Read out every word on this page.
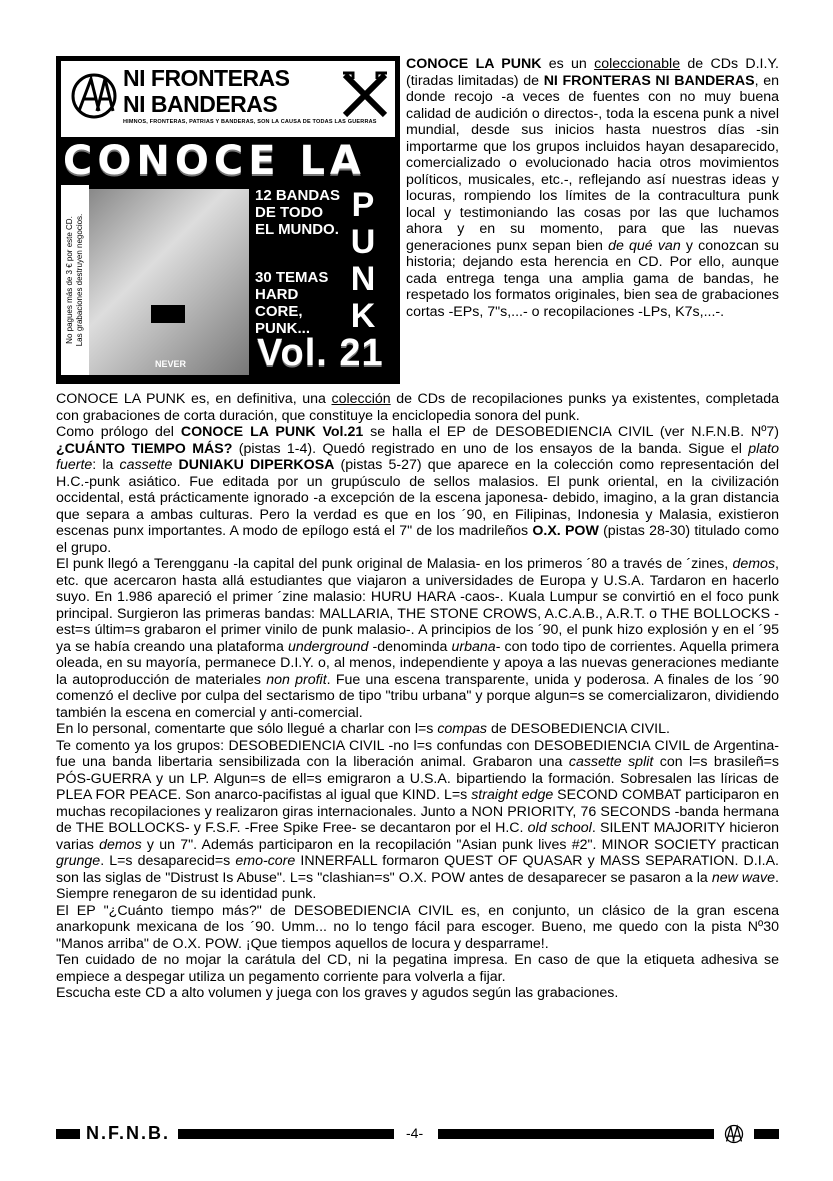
NI FRONTERAS
NI BANDERAS
HIMNOS, FRONTERAS, PATRIAS Y BANDERAS, SON LA CAUSA DE TODAS LAS GUERRAS
CONOCE LA
No pagues más de 3 € por este CD. Las grabaciones destruyen negocios.
NEVER
12 BANDAS DE TODO EL MUNDO.
30 TEMAS HARD CORE, PUNK...
P
U
N
K
Vol. 21

CONOCE LA PUNK es un coleccionable de CDs D.I.Y. (tiradas limitadas) de NI FRONTERAS NI BANDERAS, en donde recojo -a veces de fuentes con no muy buena calidad de audición o directos-, toda la escena punk a nivel mundial, desde sus inicios hasta nuestros días -sin importarme que los grupos incluidos hayan desaparecido, comercializado o evolucionado hacia otros movimientos políticos, musicales, etc.-, reflejando así nuestras ideas y locuras, rompiendo los límites de la contracultura punk local y testimoniando las cosas por las que luchamos ahora y en su momento, para que las nuevas generaciones punx sepan bien de qué van y conozcan su historia; dejando esta herencia en CD. Por ello, aunque cada entrega tenga una amplia gama de bandas, he respetado los formatos originales, bien sea de grabaciones cortas -EPs, 7"s,...- o recopilaciones -LPs, K7s,...-.

CONOCE LA PUNK es, en definitiva, una colección de CDs de recopilaciones punks ya existentes, completada con grabaciones de corta duración, que constituye la enciclopedia sonora del punk.

Como prólogo del CONOCE LA PUNK Vol.21 se halla el EP de DESOBEDIENCIA CIVIL (ver N.F.N.B. Nº7) ¿CUÁNTO TIEMPO MÁS? (pistas 1-4). Quedó registrado en uno de los ensayos de la banda. Sigue el plato fuerte: la cassette DUNIAKU DIPERKOSA (pistas 5-27) que aparece en la colección como representación del H.C.-punk asiático. Fue editada por un grupúsculo de sellos malasios. El punk oriental, en la civilización occidental, está prácticamente ignorado -a excepción de la escena japonesa- debido, imagino, a la gran distancia que separa a ambas culturas. Pero la verdad es que en los ´90, en Filipinas, Indonesia y Malasia, existieron escenas punx importantes. A modo de epílogo está el 7" de los madrileños O.X. POW (pistas 28-30) titulado como el grupo.

El punk llegó a Terengganu -la capital del punk original de Malasia- en los primeros ´80 a través de ´zines, demos, etc. que acercaron hasta allá estudiantes que viajaron a universidades de Europa y U.S.A. Tardaron en hacerlo suyo. En 1.986 apareció el primer ´zine malasio: HURU HARA -caos-. Kuala Lumpur se convirtió en el foco punk principal. Surgieron las primeras bandas: MALLARIA, THE STONE CROWS, A.C.A.B., A.R.T. o THE BOLLOCKS -est=s últim=s grabaron el primer vinilo de punk malasio-. A principios de los ´90, el punk hizo explosión y en el ´95 ya se había creando una plataforma underground -denominda urbana- con todo tipo de corrientes. Aquella primera oleada, en su mayoría, permanece D.I.Y. o, al menos, independiente y apoya a las nuevas generaciones mediante la autoproducción de materiales non profit. Fue una escena transparente, unida y poderosa. A finales de los ´90 comenzó el declive por culpa del sectarismo de tipo "tribu urbana" y porque algun=s se comercializaron, dividiendo también la escena en comercial y anti-comercial.

En lo personal, comentarte que sólo llegué a charlar con l=s compas de DESOBEDIENCIA CIVIL.

Te comento ya los grupos: DESOBEDIENCIA CIVIL -no l=s confundas con DESOBEDIENCIA CIVIL de Argentina- fue una banda libertaria sensibilizada con la liberación animal. Grabaron una cassette split con l=s brasileñ=s PÓS-GUERRA y un LP. Algun=s de ell=s emigraron a U.S.A. bipartiendo la formación. Sobresalen las líricas de PLEA FOR PEACE. Son anarco-pacifistas al igual que KIND. L=s straight edge SECOND COMBAT participaron en muchas recopilaciones y realizaron giras internacionales. Junto a NON PRIORITY, 76 SECONDS -banda hermana de THE BOLLOCKS- y F.S.F. -Free Spike Free- se decantaron por el H.C. old school. SILENT MAJORITY hicieron varias demos y un 7". Además participaron en la recopilación "Asian punk lives #2". MINOR SOCIETY practican grunge. L=s desaparecid=s emo-core INNERFALL formaron QUEST OF QUASAR y MASS SEPARATION. D.I.A. son las siglas de "Distrust Is Abuse". L=s "clashian=s" O.X. POW antes de desaparecer se pasaron a la new wave. Siempre renegaron de su identidad punk.

El EP "¿Cuánto tiempo más?" de DESOBEDIENCIA CIVIL es, en conjunto, un clásico de la gran escena anarkopunk mexicana de los ´90. Umm... no lo tengo fácil para escoger. Bueno, me quedo con la pista Nº30 "Manos arriba" de O.X. POW. ¡Que tiempos aquellos de locura y desparrame!.

Ten cuidado de no mojar la carátula del CD, ni la pegatina impresa. En caso de que la etiqueta adhesiva se empiece a despegar utiliza un pegamento corriente para volverla a fijar.

Escucha este CD a alto volumen y juega con los graves y agudos según las grabaciones.

N.F.N.B.	-4-
